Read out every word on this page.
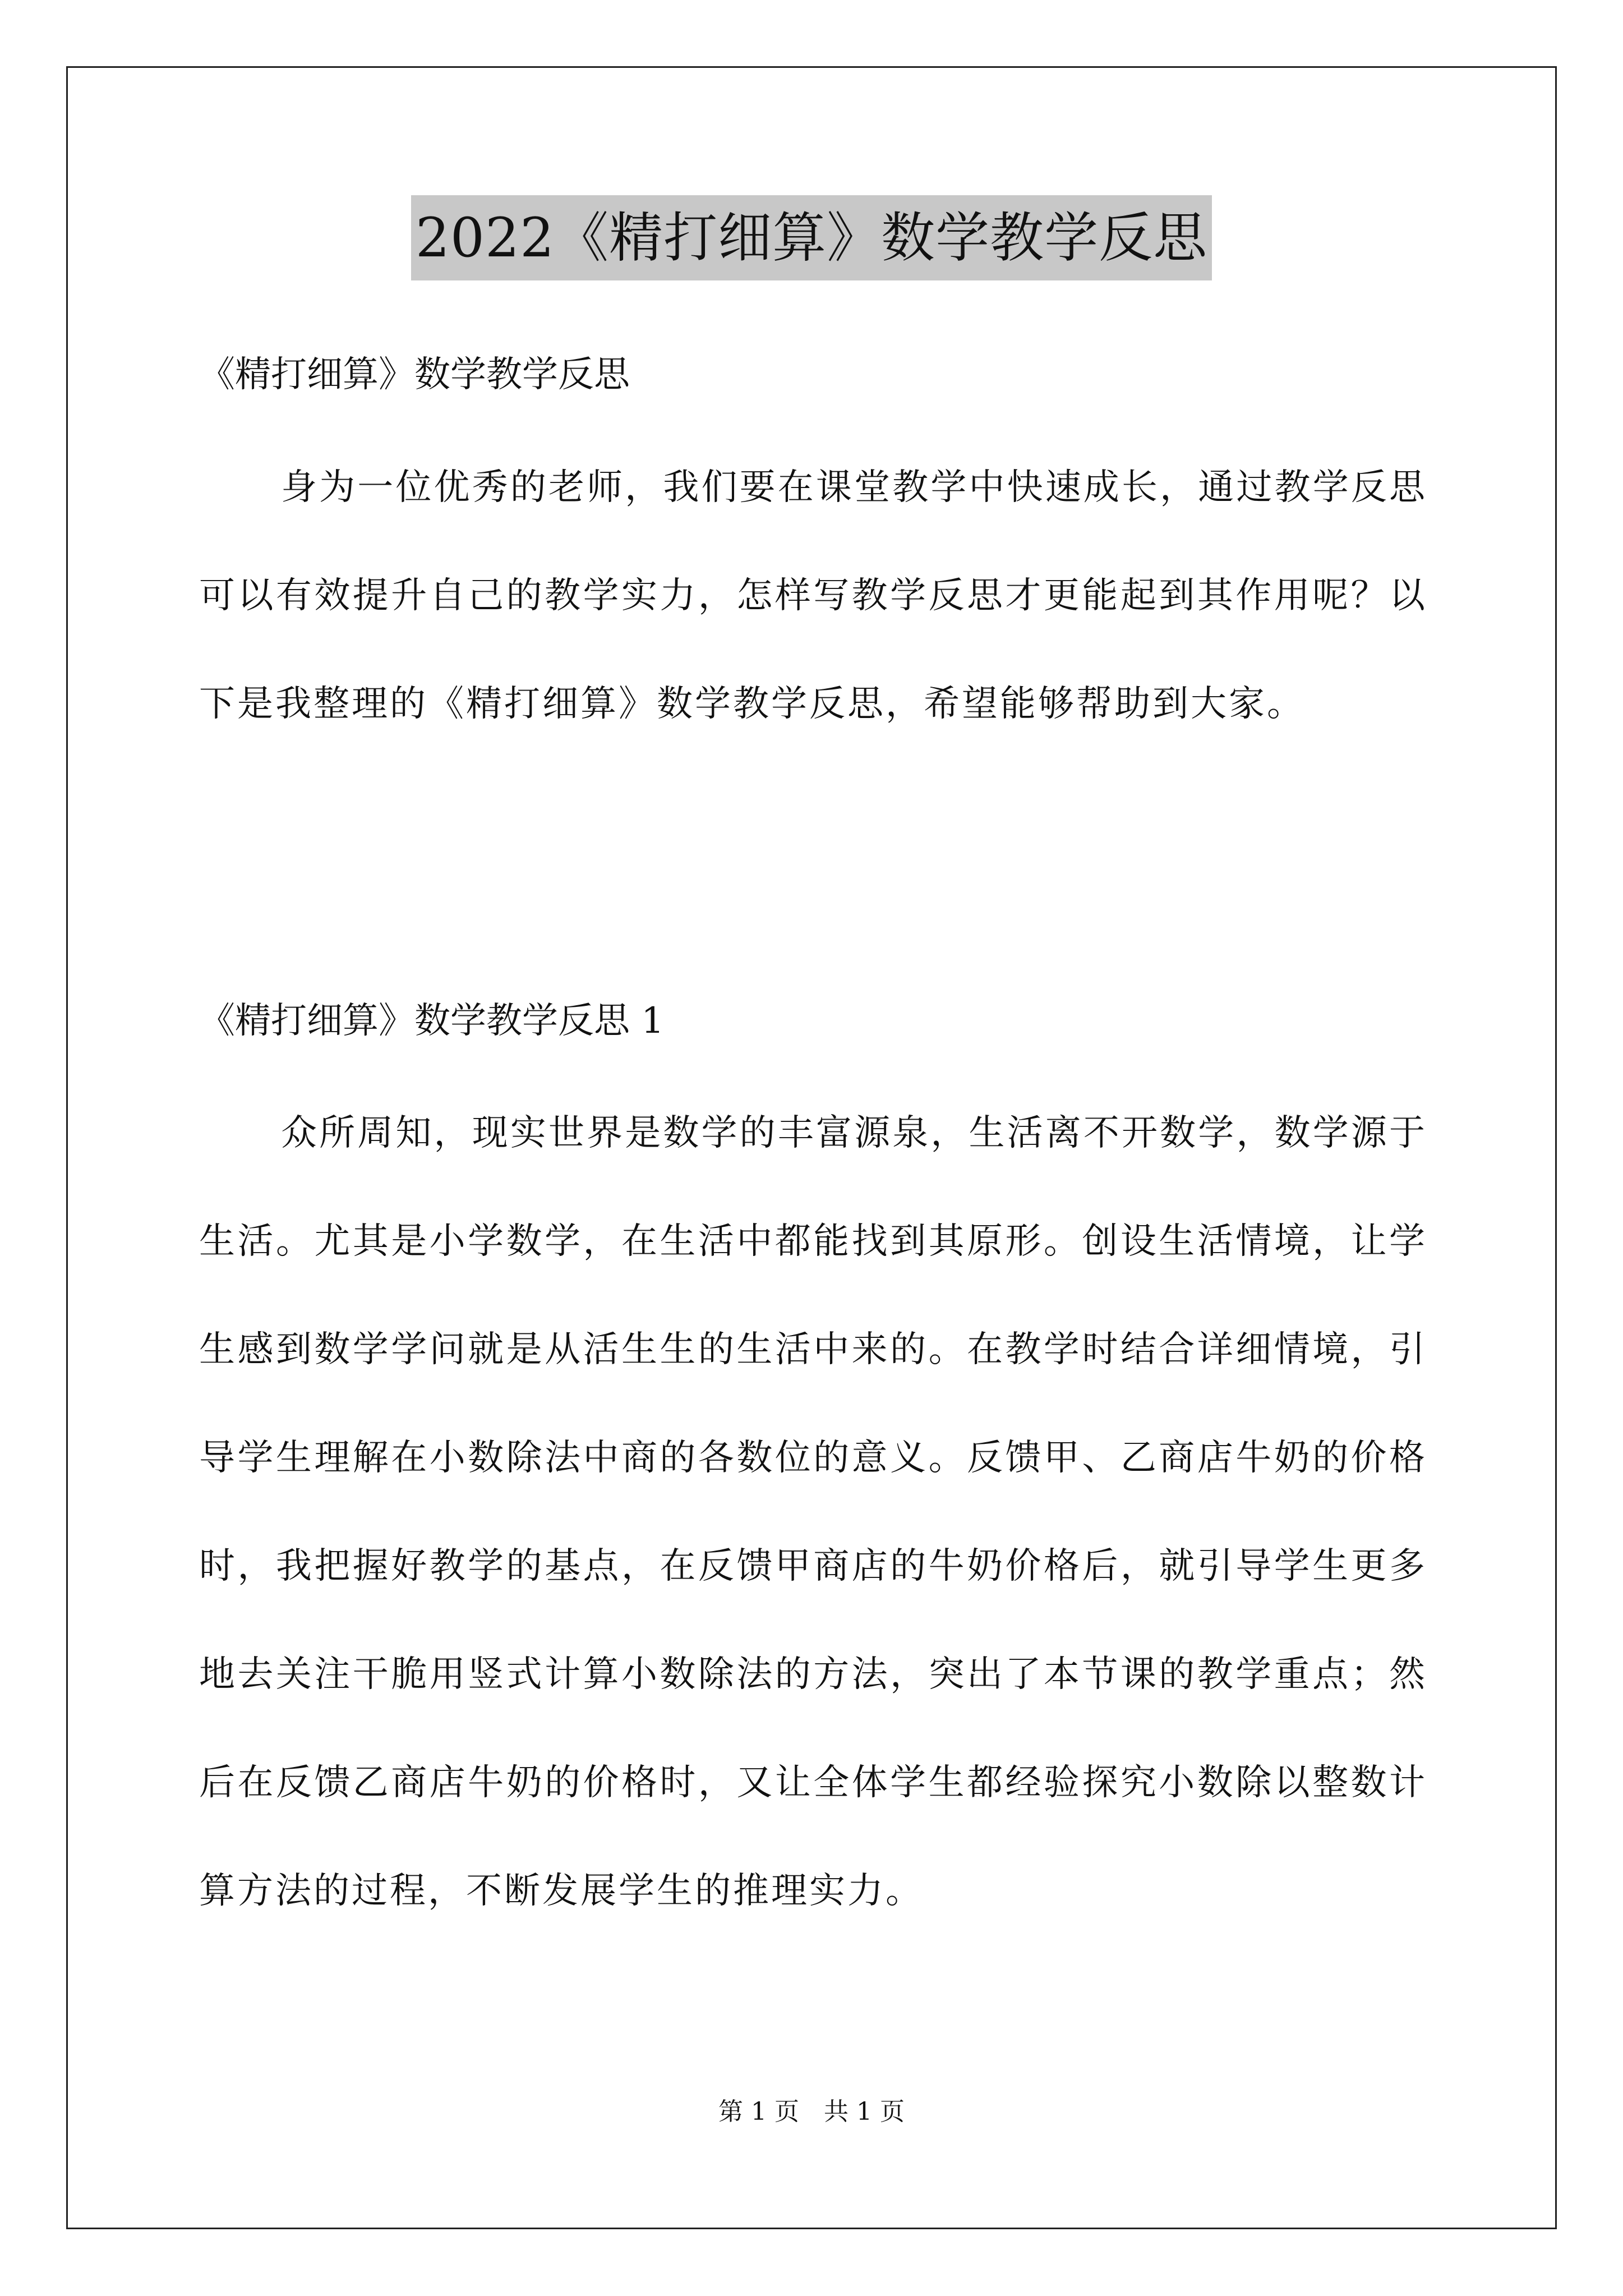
2022《精打细算》数学教学反思
《精打细算》数学教学反思

身为一位优秀的老师，我们要在课堂教学中快速成长，通过教学反思可以有效提升自己的教学实力，怎样写教学反思才更能起到其作用呢？以下是我整理的《精打细算》数学教学反思，希望能够帮助到大家。

《精打细算》数学教学反思 1

众所周知，现实世界是数学的丰富源泉，生活离不开数学，数学源于生活。尤其是小学数学，在生活中都能找到其原形。创设生活情境，让学生感到数学学问就是从活生生的生活中来的。在教学时结合详细情境，引导学生理解在小数除法中商的各数位的意义。反馈甲、乙商店牛奶的价格时，我把握好教学的基点，在反馈甲商店的牛奶价格后，就引导学生更多地去关注干脆用竖式计算小数除法的方法，突出了本节课的教学重点；然后在反馈乙商店牛奶的价格时，又让全体学生都经验探究小数除以整数计算方法的过程，不断发展学生的推理实力。

第 1 页　共 1 页
